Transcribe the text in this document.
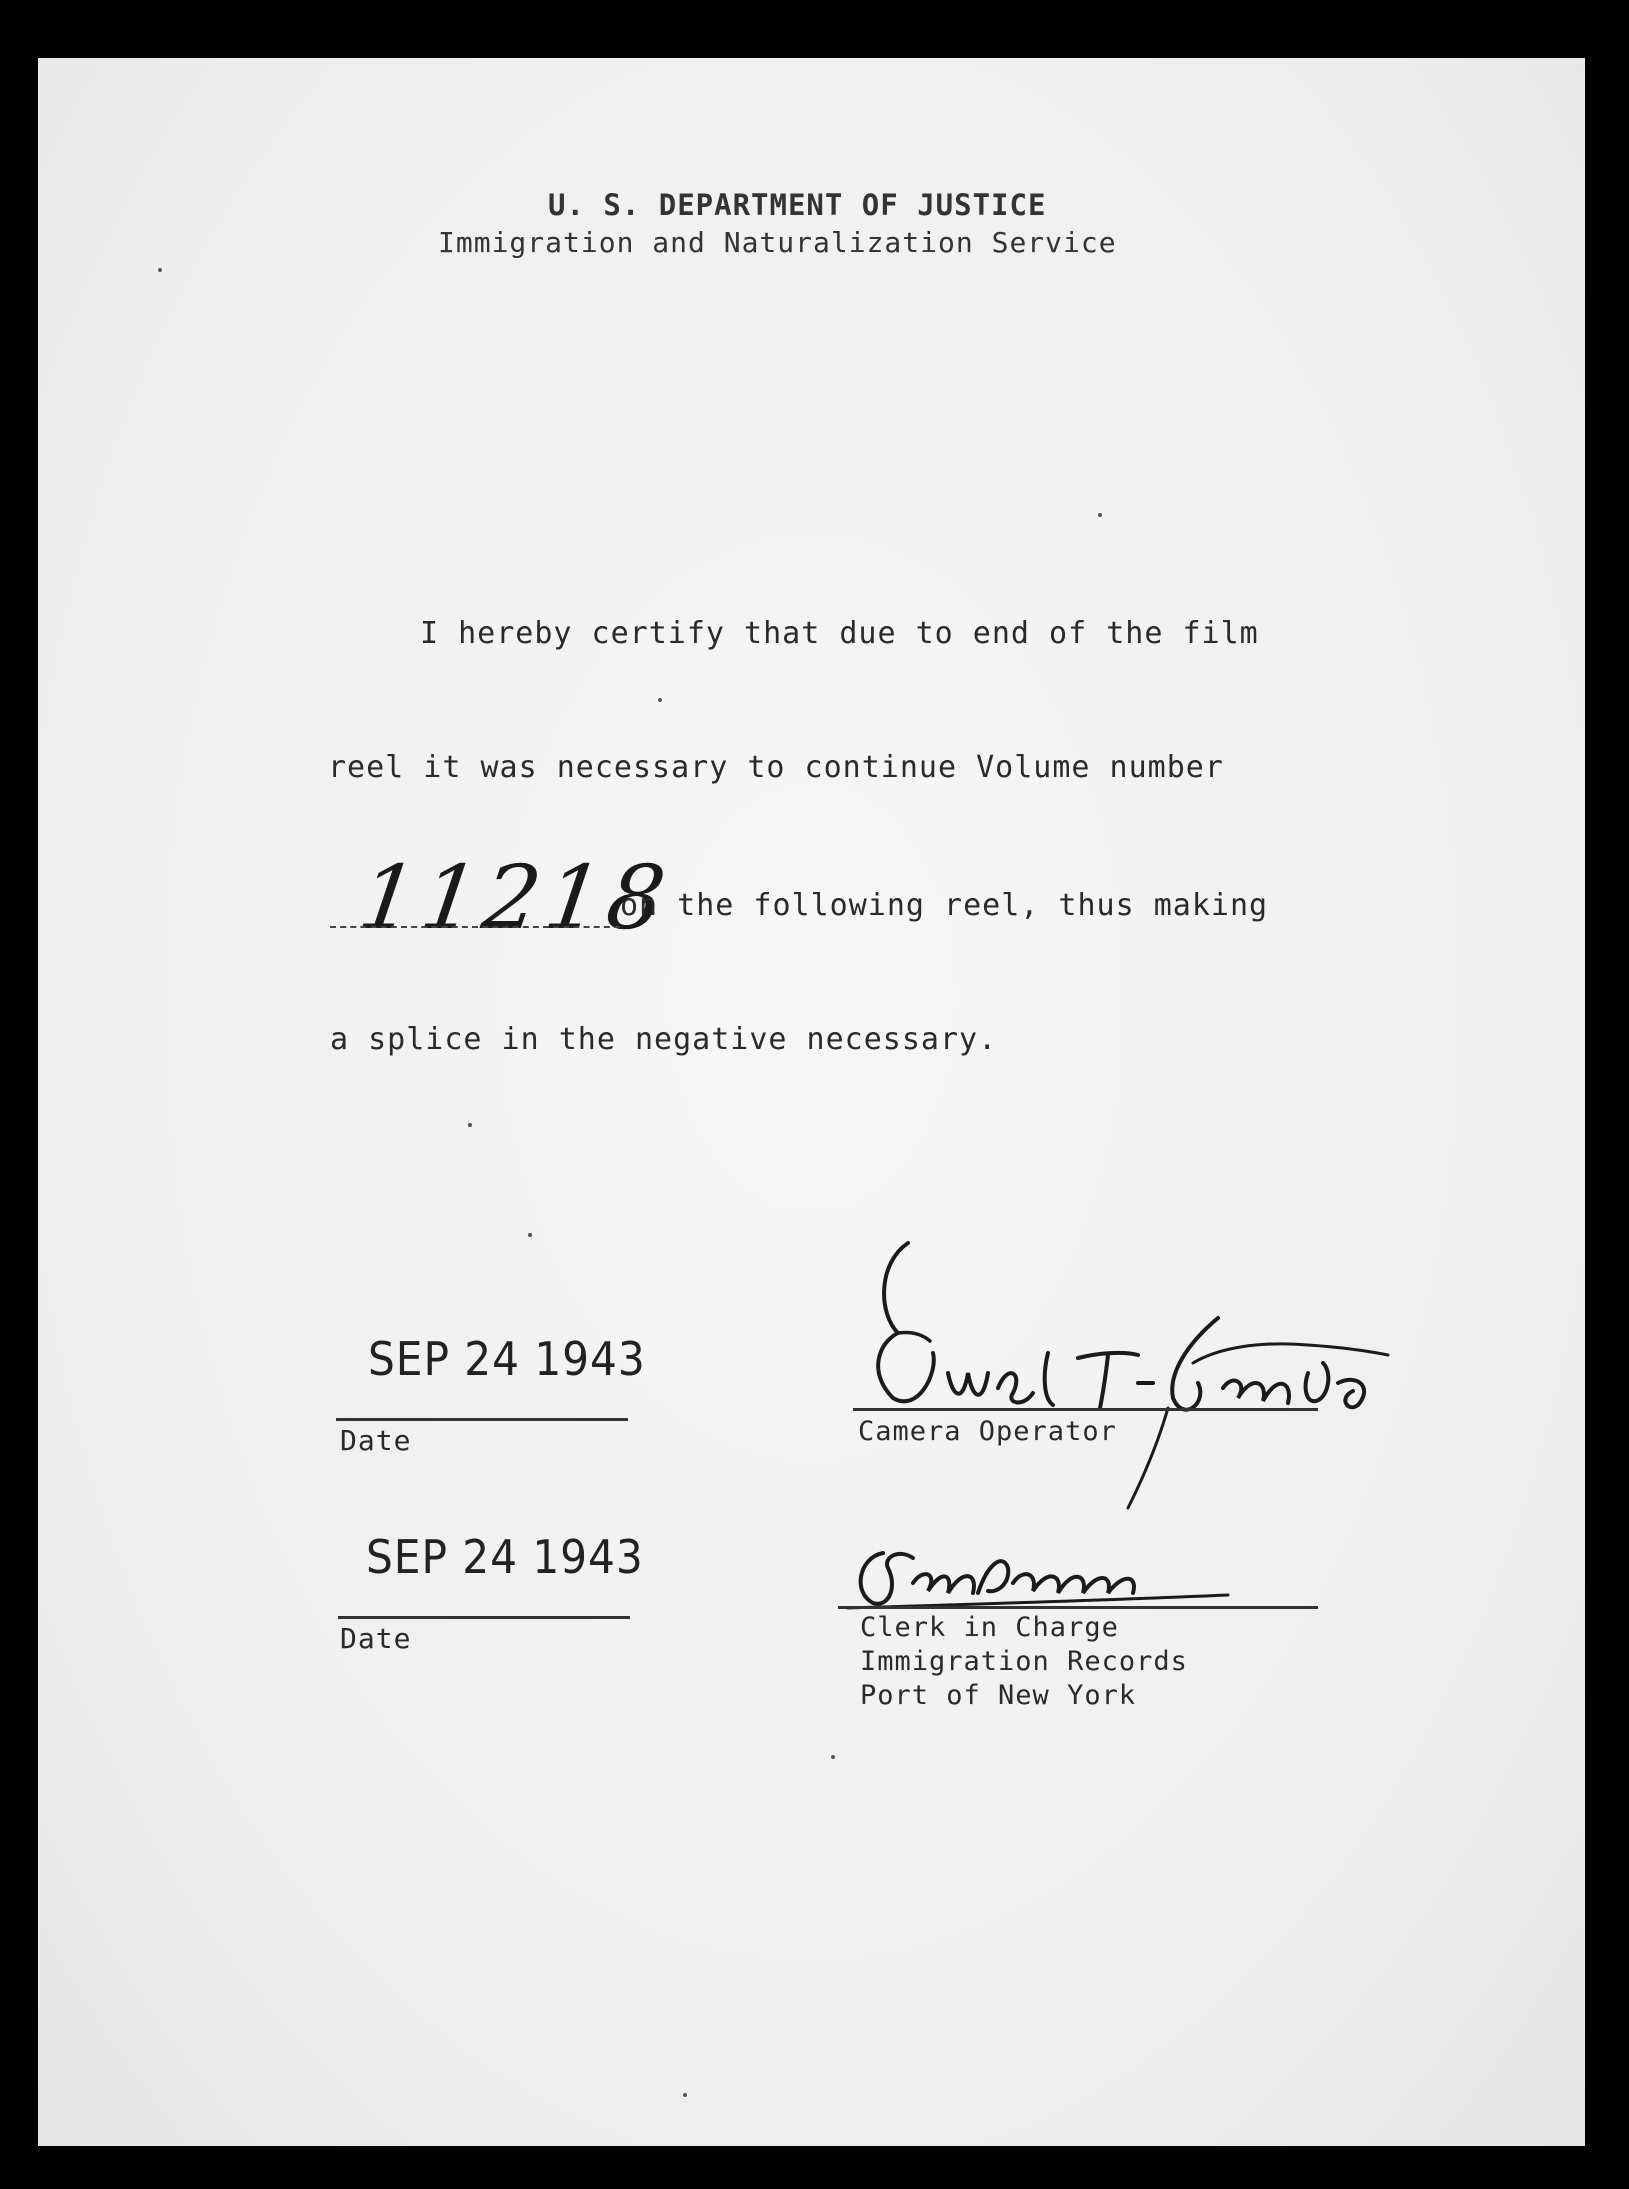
U. S. DEPARTMENT OF JUSTICE
Immigration and Naturalization Service
I hereby certify that due to end of the film
reel it was necessary to continue Volume number
11218
on the following reel, thus making
a splice in the negative necessary.
SEP 24 1943
Date	Camera Operator
SEP 24 1943
Date	Clerk in Charge
Immigration Records
Port of New York
